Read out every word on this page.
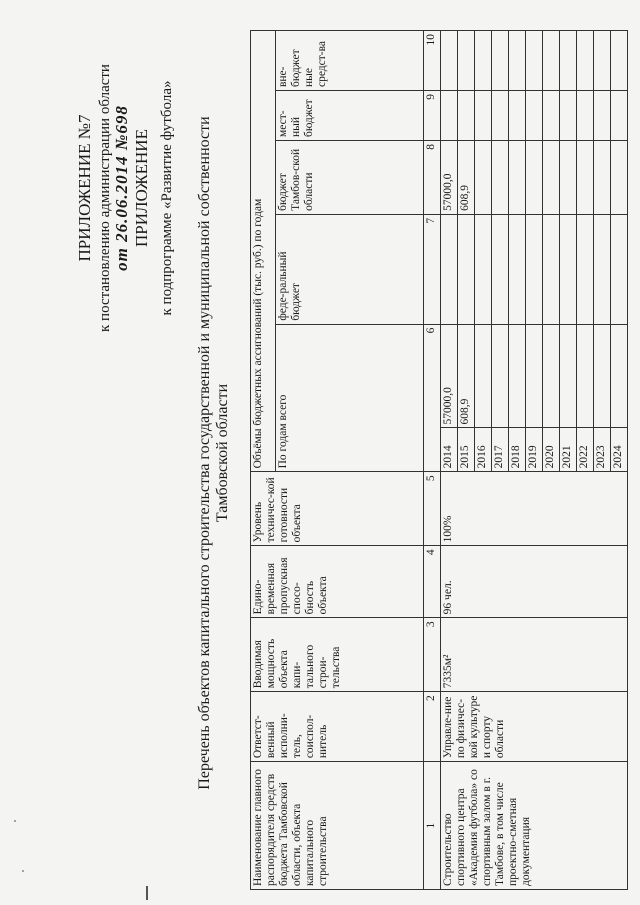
ПРИЛОЖЕНИЕ №7 к постановлению администрации области от 26.06.2014 №698 ПРИЛОЖЕНИЕ к подпрограмме «Развитие футбола» Перечень объектов капитального строительства государственной и муниципальной собственности Тамбовской области
Наименование главного распорядителя средств бюджета Тамбовской области, объекта капитального строительства	Ответст-венный исполни-тель, соиспол-нитель	Вводимая мощность объекта капи-тального строи-тельства	Едино-временная пропускная спосо-бность объекта	Уровень техничес-кой готовности объекта	Объёмы бюджетных ассигнований (тыс. руб.) по годам					
					По годам всего		феде-ральный бюджет	бюджет Тамбов-ской области	мест-ный бюджет	вне-бюджет ные средст-ва
1	2	3	4	5	6		7	8	9	10
Строительство спортивного центра «Академия футбола» со спортивным залом в г. Тамбове, в том числе проектно-сметная документация	Управле-ние по физичес-кой культуре и спорту области	7335м²	96 чел.	100%	2014	57000,0		57000,0		
					2015	608,9		608,9		
					2016					
					2017					
					2018					
					2019					
					2020					
					2021					
					2022					
					2023					
					2024					
